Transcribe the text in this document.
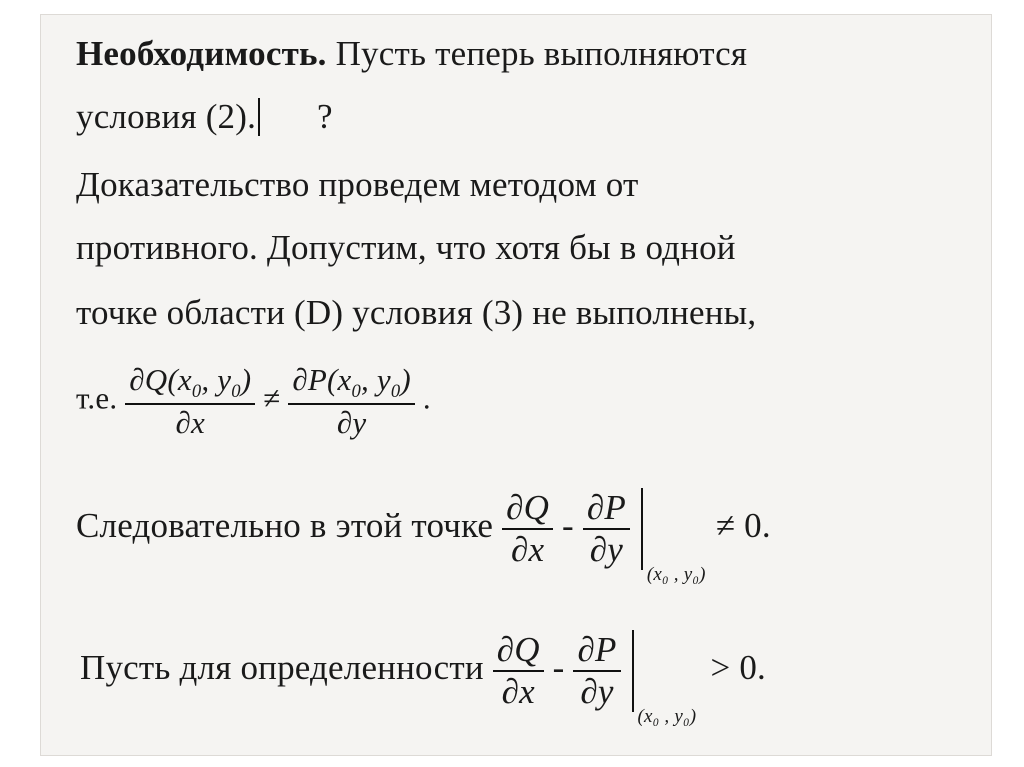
Необходимость. Пусть теперь выполняются
условия (2). ?
Доказательство проведем методом от
противного. Допустим, что хотя бы в одной
точке области (D) условия (3) не выполнены,
т.е. $\frac{\partial Q(x_0, y_0)}{\partial x} \ne \frac{\partial P(x_0, y_0)}{\partial y}$ .
Следовательно в этой точке $\frac{\partial Q}{\partial x} - \frac{\partial P}{\partial y}$

(x₀ , y₀)
≠ 0.
Пусть для определенности $\frac{\partial Q}{\partial x} - \frac{\partial P}{\partial y}$

(x₀ , y₀)
> 0.
